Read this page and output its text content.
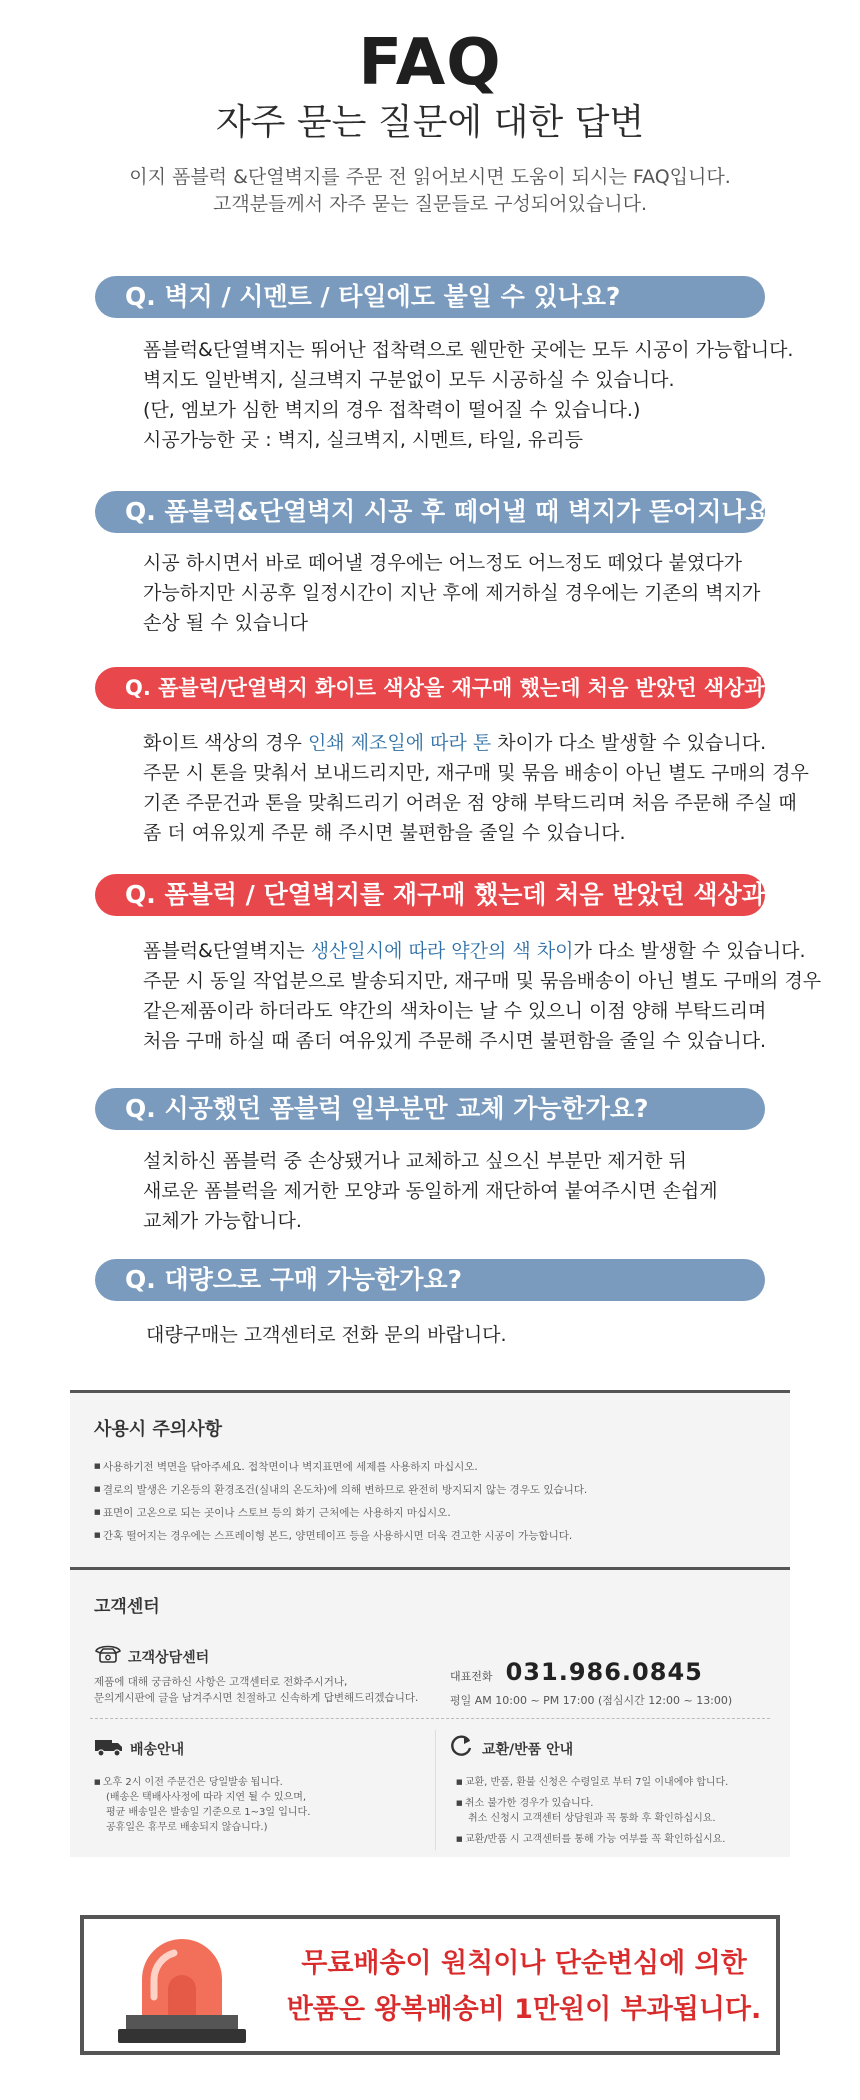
FAQ
자주 묻는 질문에 대한 답변
이지 폼블럭 &단열벽지를 주문 전 읽어보시면 도움이 되시는 FAQ입니다.
고객분들께서 자주 묻는 질문들로 구성되어있습니다.
Q. 벽지 / 시멘트 / 타일에도 붙일 수 있나요?

폼블럭&단열벽지는 뛰어난 접착력으로 웬만한 곳에는 모두 시공이 가능합니다.

벽지도 일반벽지, 실크벽지 구분없이 모두 시공하실 수 있습니다.

(단, 엠보가 심한 벽지의 경우 접착력이 떨어질 수 있습니다.)

시공가능한 곳 : 벽지, 실크벽지, 시멘트, 타일, 유리등

Q. 폼블럭&단열벽지 시공 후 떼어낼 때 벽지가 뜯어지나요?

시공 하시면서 바로 떼어낼 경우에는 어느정도 어느정도 떼었다 붙였다가

가능하지만 시공후 일정시간이 지난 후에 제거하실 경우에는 기존의 벽지가

손상 될 수 있습니다

Q. 폼블럭/단열벽지 화이트 색상을 재구매 했는데 처음 받았던 색상과 달라요.

화이트 색상의 경우 인쇄 제조일에 따라 톤 차이가 다소 발생할 수 있습니다.

주문 시 톤을 맞춰서 보내드리지만, 재구매 및 묶음 배송이 아닌 별도 구매의 경우

기존 주문건과 톤을 맞춰드리기 어려운 점 양해 부탁드리며 처음 주문해 주실 때

좀 더 여유있게 주문 해 주시면 불편함을 줄일 수 있습니다.

Q. 폼블럭 / 단열벽지를 재구매 했는데 처음 받았던 색상과 달라요

폼블럭&단열벽지는 생산일시에 따라 약간의 색 차이가 다소 발생할 수 있습니다.

주문 시 동일 작업분으로 발송되지만, 재구매 및 묶음배송이 아닌 별도 구매의 경우

같은제품이라 하더라도 약간의 색차이는 날 수 있으니 이점 양해 부탁드리며

처음 구매 하실 때 좀더 여유있게 주문해 주시면 불편함을 줄일 수 있습니다.

Q. 시공했던 폼블럭 일부분만 교체 가능한가요?

설치하신 폼블럭 중 손상됐거나 교체하고 싶으신 부분만 제거한 뒤

새로운 폼블럭을 제거한 모양과 동일하게 재단하여 붙여주시면 손쉽게

교체가 가능합니다.

Q. 대량으로 구매 가능한가요?

대량구매는 고객센터로 전화 문의 바랍니다.

사용시 주의사항
■ 사용하기전 벽면을 닦아주세요. 접착면이나 벽지표면에 세제를 사용하지 마십시오.
■ 결로의 발생은 기온등의 환경조건(실내의 온도차)에 의해 변하므로 완전히 방지되지 않는 경우도 있습니다.
■ 표면이 고온으로 되는 곳이나 스토브 등의 화기 근처에는 사용하지 마십시오.
■ 간혹 떨어지는 경우에는 스프레이형 본드, 양면테이프 등을 사용하시면 더욱 견고한 시공이 가능합니다.
고객센터
고객상담센터

제품에 대해 궁금하신 사항은 고객센터로 전화주시거나,

문의게시판에 글을 남겨주시면 친절하고 신속하게 답변해드리겠습니다.

대표전화 031.986.0845
평일 AM 10:00 ~ PM 17:00 (점심시간 12:00 ~ 13:00)
배송안내
■ 오후 2시 이전 주문건은 당일발송 됩니다.
(배송은 택배사사정에 따라 지연 될 수 있으며,
평균 배송일은 발송일 기준으로 1~3일 입니다.
공휴일은 휴무로 배송되지 않습니다.)
교환/반품 안내
■ 교환, 반품, 환불 신청은 수령일로 부터 7일 이내에야 합니다.
■ 취소 불가한 경우가 있습니다.
취소 신청시 고객센터 상담원과 꼭 통화 후 확인하십시요.
■ 교환/반품 시 고객센터를 통해 가능 여부를 꼭 확인하십시요.

무료배송이 원칙이나 단순변심에 의한

반품은 왕복배송비 1만원이 부과됩니다.
